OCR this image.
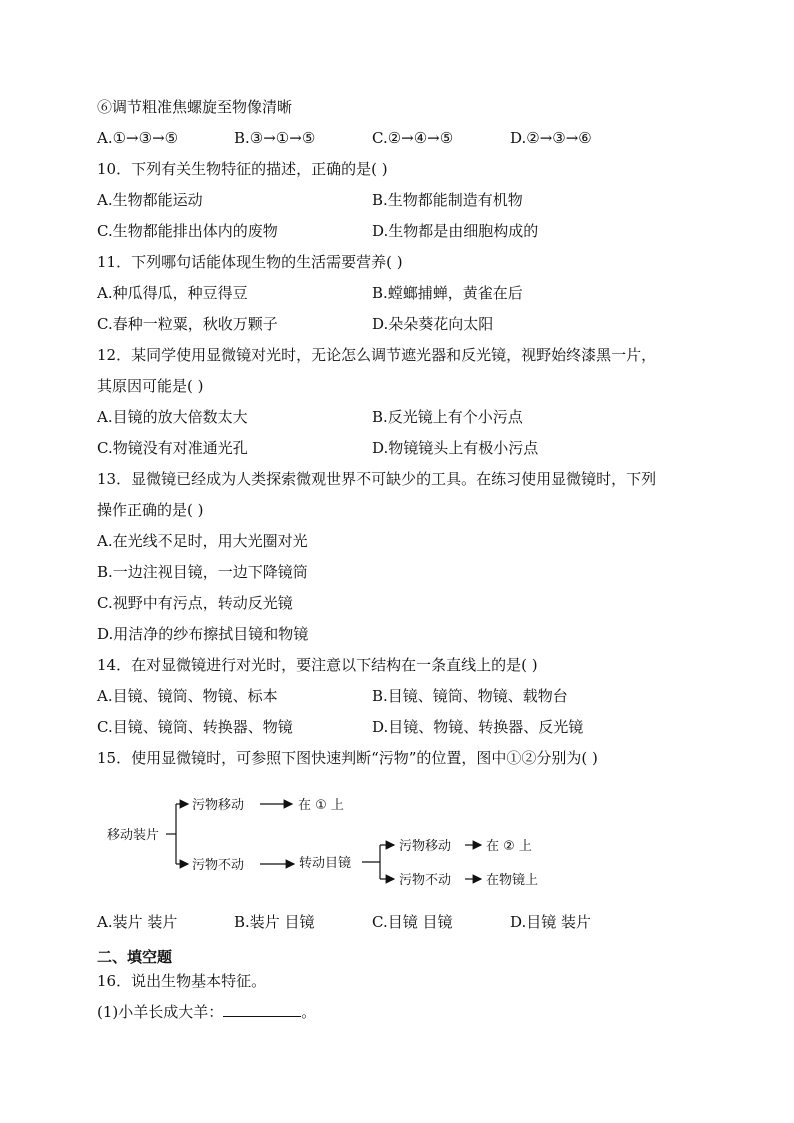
⑥调节粗准焦螺旋至物像清晰
A.①→③→⑤	B.③→①→⑤	C.②→④→⑤	D.②→③→⑥
10．下列有关生物特征的描述，正确的是( )
A.生物都能运动	B.生物都能制造有机物
C.生物都能排出体内的废物	D.生物都是由细胞构成的
11．下列哪句话能体现生物的生活需要营养( )
A.种瓜得瓜，种豆得豆	B.螳螂捕蝉，黄雀在后
C.春种一粒粟，秋收万颗子	D.朵朵葵花向太阳
12．某同学使用显微镜对光时，无论怎么调节遮光器和反光镜，视野始终漆黑一片，
其原因可能是( )
A.目镜的放大倍数太大	B.反光镜上有个小污点
C.物镜没有对准通光孔	D.物镜镜头上有极小污点
13．显微镜已经成为人类探索微观世界不可缺少的工具。在练习使用显微镜时，下列
操作正确的是( )
A.在光线不足时，用大光圈对光
B.一边注视目镜，一边下降镜筒
C.视野中有污点，转动反光镜
D.用洁净的纱布擦拭目镜和物镜
14．在对显微镜进行对光时，要注意以下结构在一条直线上的是( )
A.目镜、镜筒、物镜、标本	B.目镜、镜筒、物镜、载物台
C.目镜、镜筒、转换器、物镜	D.目镜、物镜、转换器、反光镜
15．使用显微镜时，可参照下图快速判断“污物”的位置，图中①②分别为( )
移动装片
污物移动	在 ① 上
污物不动	转动目镜
污物移动	在 ② 上
污物不动	在物镜上
A.装片 装片	B.装片 目镜	C.目镜 目镜	D.目镜 装片
二、填空题
16．说出生物基本特征。
(1)小羊长成大羊：	。
